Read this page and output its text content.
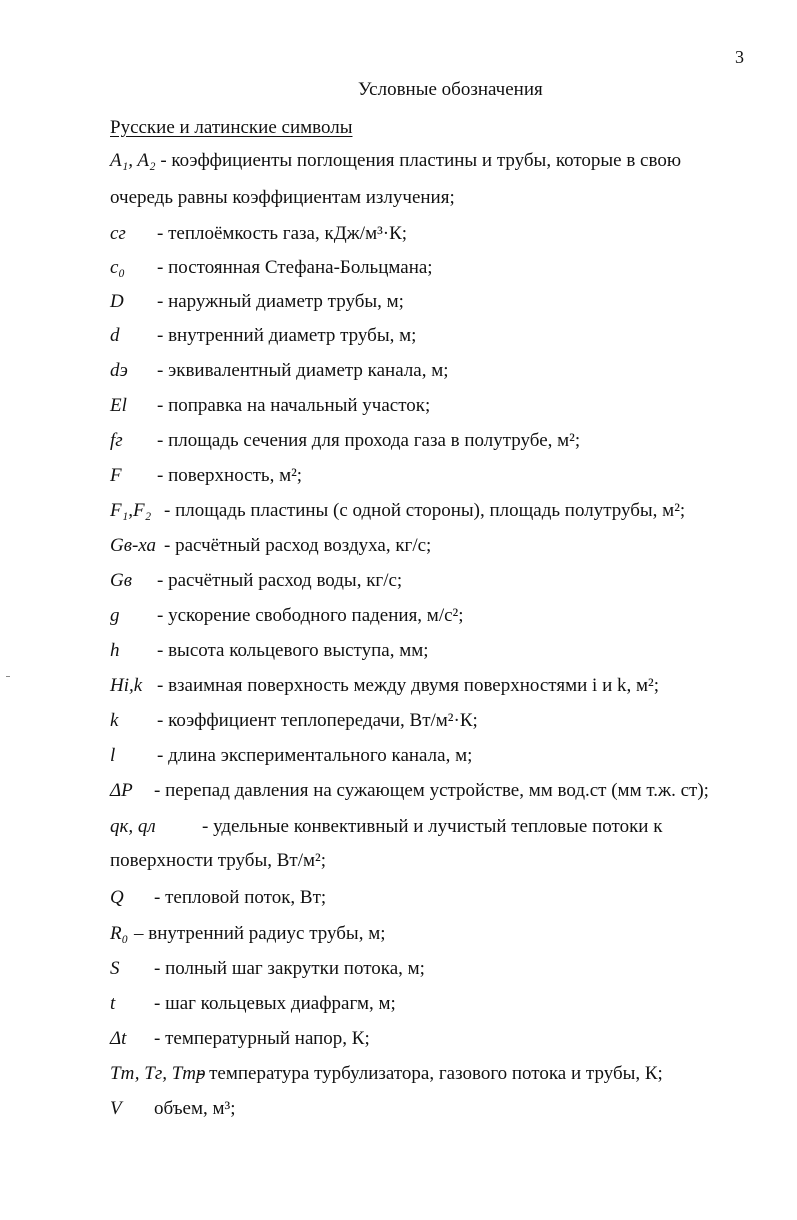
3
Условные обозначения
Русские и латинские символы
A₁, A₂ - коэффициенты поглощения пластины и трубы, которые в свою
очередь равны коэффициентам излучения;
cг - теплоёмкость газа, кДж/м³·К;
c₀ - постоянная Стефана-Больцмана;
D - наружный диаметр трубы, м;
d - внутренний диаметр трубы, м;
dэ - эквивалентный диаметр канала, м;
El - поправка на начальный участок;
fг - площадь сечения для прохода газа в полутрубе, м²;
F - поверхность, м²;
F₁,F₂ - площадь пластины (с одной стороны), площадь полутрубы, м²;
Gв-ха - расчётный расход воздуха, кг/с;
Gв - расчётный расход воды, кг/с;
g - ускорение свободного падения, м/с²;
h - высота кольцевого выступа, мм;
Hi,k - взаимная поверхность между двумя поверхностями i и k, м²;
k - коэффициент теплопередачи, Вт/м²·К;
l - длина экспериментального канала, м;
ΔP - перепад давления на сужающем устройстве, мм вод.ст (мм т.ж. ст);
qк, qл - удельные конвективный и лучистый тепловые потоки к
поверхности трубы, Вт/м²;
Q - тепловой поток, Вт;
R₀ – внутренний радиус трубы, м;
S - полный шаг закрутки потока, м;
t - шаг кольцевых диафрагм, м;
Δt - температурный напор, К;
Tт, Tг, Tтр
- температура турбулизатора, газового потока и трубы, К;
V объем, м³;
